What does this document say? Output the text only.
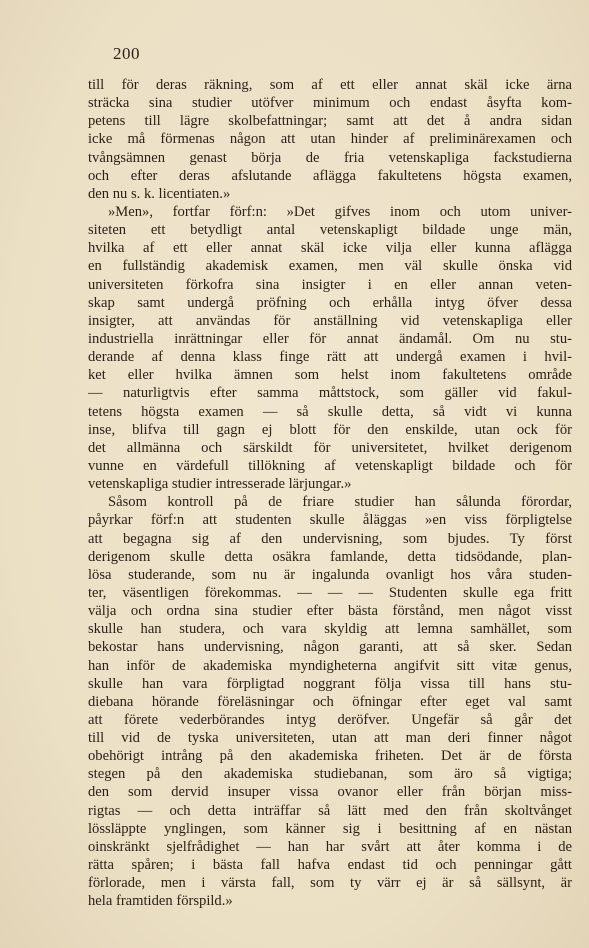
200

till för deras räkning, som af ett eller annat skäl icke ärna
sträcka sina studier utöfver minimum och endast åsyfta kom-
petens till lägre skolbefattningar; samt att det å andra sidan
icke må förmenas någon att utan hinder af preliminärexamen och
tvångsämnen genast börja de fria vetenskapliga fackstudierna
och efter deras afslutande aflägga fakultetens högsta examen,
den nu s. k. licentiaten.»
»Men», fortfar förf:n: »Det gifves inom och utom univer-
siteten ett betydligt antal vetenskapligt bildade unge män,
hvilka af ett eller annat skäl icke vilja eller kunna aflägga
en fullständig akademisk examen, men väl skulle önska vid
universiteten förkofra sina insigter i en eller annan veten-
skap samt undergå pröfning och erhålla intyg öfver dessa
insigter, att användas för anställning vid vetenskapliga eller
industriella inrättningar eller för annat ändamål. Om nu stu-
derande af denna klass finge rätt att undergå examen i hvil-
ket eller hvilka ämnen som helst inom fakultetens område
— naturligtvis efter samma måttstock, som gäller vid fakul-
tetens högsta examen — så skulle detta, så vidt vi kunna
inse, blifva till gagn ej blott för den enskilde, utan ock för
det allmänna och särskildt för universitetet, hvilket derigenom
vunne en värdefull tillökning af vetenskapligt bildade och för
vetenskapliga studier intresserade lärjungar.»
Såsom kontroll på de friare studier han sålunda förordar,
påyrkar förf:n att studenten skulle åläggas »en viss förpligtelse
att begagna sig af den undervisning, som bjudes. Ty först
derigenom skulle detta osäkra famlande, detta tidsödande, plan-
lösa studerande, som nu är ingalunda ovanligt hos våra studen-
ter, väsentligen förekommas. — — — Studenten skulle ega fritt
välja och ordna sina studier efter bästa förstånd, men något visst
skulle han studera, och vara skyldig att lemna samhället, som
bekostar hans undervisning, någon garanti, att så sker. Sedan
han inför de akademiska myndigheterna angifvit sitt vitæ genus,
skulle han vara förpligtad noggrant följa vissa till hans stu-
diebana hörande föreläsningar och öfningar efter eget val samt
att förete vederbörandes intyg deröfver. Ungefär så går det
till vid de tyska universiteten, utan att man deri finner något
obehörigt intrång på den akademiska friheten. Det är de första
stegen på den akademiska studiebanan, som äro så vigtiga;
den som dervid insuper vissa ovanor eller från början miss-
rigtas — och detta inträffar så lätt med den från skoltvånget
lössläppte ynglingen, som känner sig i besittning af en nästan
oinskränkt sjelfrådighet — han har svårt att åter komma i de
rätta spåren; i bästa fall hafva endast tid och penningar gått
förlorade, men i värsta fall, som ty värr ej är så sällsynt, är
hela framtiden förspild.»
